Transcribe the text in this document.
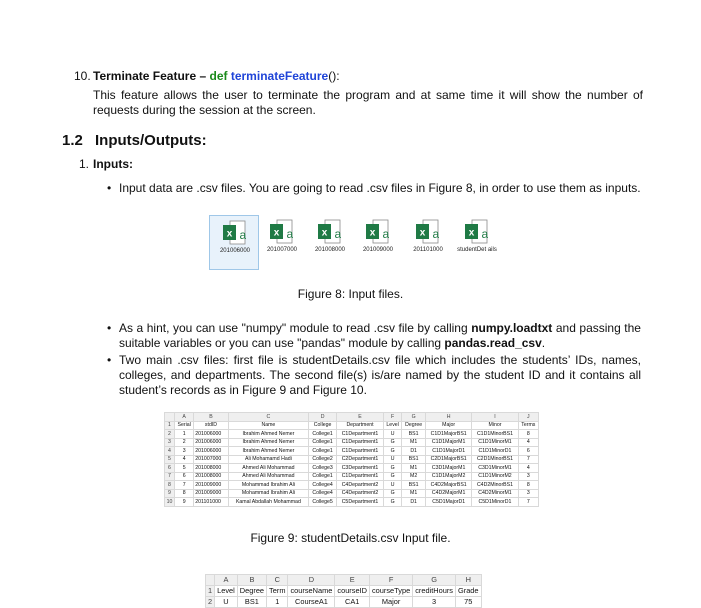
10. Terminate Feature – def terminateFeature():
This feature allows the user to terminate the program and at same time it will show the number of requests during the session at the screen.
1.2 Inputs/Outputs:
1. Inputs:
• Input data are .csv files. You are going to read .csv files in Figure 8, in order to use them as inputs.
x a
201006000
x a
201007000
x a
201008000
x a
201009000
x a
201101000
x a
studentDet ails
Figure 8: Input files.
• As a hint, you can use "numpy" module to read .csv file by calling numpy.loadtxt and passing the suitable variables or you can use "pandas" module by calling pandas.read_csv.
• Two main .csv files: first file is studentDetails.csv file which includes the students’ IDs, names, colleges, and departments. The second file(s) is/are named by the student ID and it contains all student’s records as in Figure 9 and Figure 10.
	A	B	C	D	E	F	G	H	I	J
1	Serial	stdID	Name	College	Department	Level	Degree	Major	Minor	Terms
2	1	201006000	Ibrahim Ahmed Nemer	College1	C1Department1	U	BS1	C1D1MajorBS1	C1D1MinorBS1	8
3	2	201006000	Ibrahim Ahmed Nemer	College1	C1Department1	G	M1	C1D1MajorM1	C1D1MinorM1	4
4	3	201006000	Ibrahim Ahmed Nemer	College1	C1Department1	G	D1	C1D1MajorD1	C1D1MinorD1	6
5	4	201007000	Ali Mohamamd Hadi	College2	C2Department1	U	BS1	C2D1MajorBS1	C2D1MinorBS1	7
6	5	201008000	Ahmed Ali Mohammad	College3	C3Department1	G	M1	C3D1MajorM1	C3D1MinorM1	4
7	6	201008000	Ahmed Ali Mohammad	College1	C1Department1	G	M2	C1D1MajorM2	C1D1MinorM2	3
8	7	201009000	Mohammad Ibrahim Ali	College4	C4Department2	U	BS1	C4D2MajorBS1	C4D2MinorBS1	8
9	8	201009000	Mohammad Ibrahim Ali	College4	C4Department2	G	M1	C4D2MajorM1	C4D2MinorM1	3
10	9	201101000	Kamal Abdallah Mohammad	College5	C5Department1	G	D1	C5D1MajorD1	C5D1MinorD1	7
Figure 9: studentDetails.csv Input file.
	A	B	C	D	E	F	G	H
1	Level	Degree	Term	courseName	courseID	courseType	creditHours	Grade
2	U	BS1	1	CourseA1	CA1	Major	3	75
